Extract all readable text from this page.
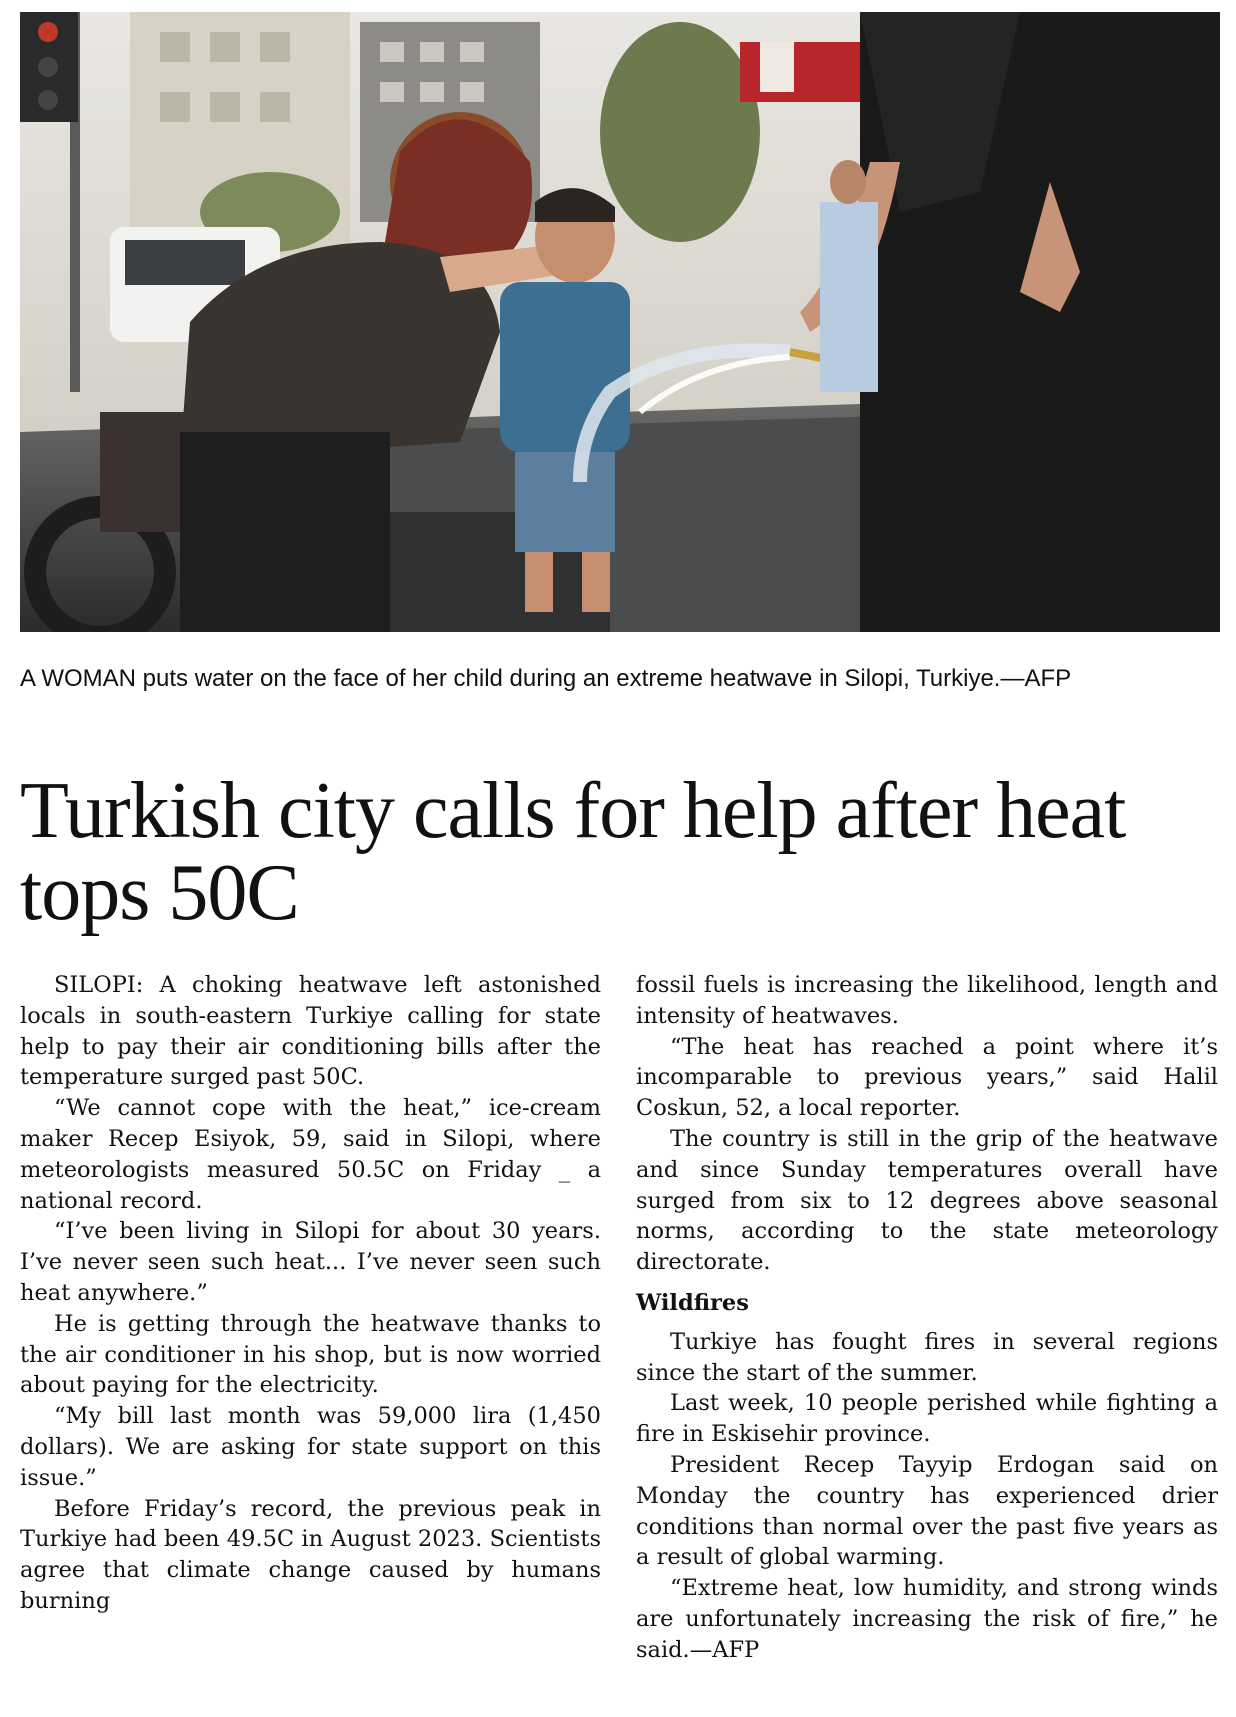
A WOMAN puts water on the face of her child during an extreme heatwave in Silopi, Turkiye.—AFP
Turkish city calls for help after heat tops 50C

SILOPI: A choking heatwave left astonished locals in south-eastern Turkiye calling for state help to pay their air conditioning bills after the temperature surged past 50C.

“We cannot cope with the heat,” ice-cream maker Recep Esiyok, 59, said in Silopi, where meteorologists measured 50.5C on Friday _ a national record.

“I’ve been living in Silopi for about 30 years. I’ve never seen such heat... I’ve never seen such heat anywhere.”

He is getting through the heatwave thanks to the air conditioner in his shop, but is now worried about paying for the electricity.

“My bill last month was 59,000 lira (1,450 dollars). We are asking for state support on this issue.”

Before Friday’s record, the previous peak in Turkiye had been 49.5C in August 2023. Scientists agree that climate change caused by humans burning

fossil fuels is increasing the likelihood, length and intensity of heatwaves.

“The heat has reached a point where it’s incomparable to previous years,” said Halil Coskun, 52, a local reporter.

The country is still in the grip of the heatwave and since Sunday temperatures overall have surged from six to 12 degrees above seasonal norms, according to the state meteorology directorate.

Wildfires

Turkiye has fought fires in several regions since the start of the summer.

Last week, 10 people perished while fighting a fire in Eskisehir province.

President Recep Tayyip Erdogan said on Monday the country has experienced drier conditions than normal over the past five years as a result of global warming.

“Extreme heat, low humidity, and strong winds are unfortunately increasing the risk of fire,” he said.—AFP
